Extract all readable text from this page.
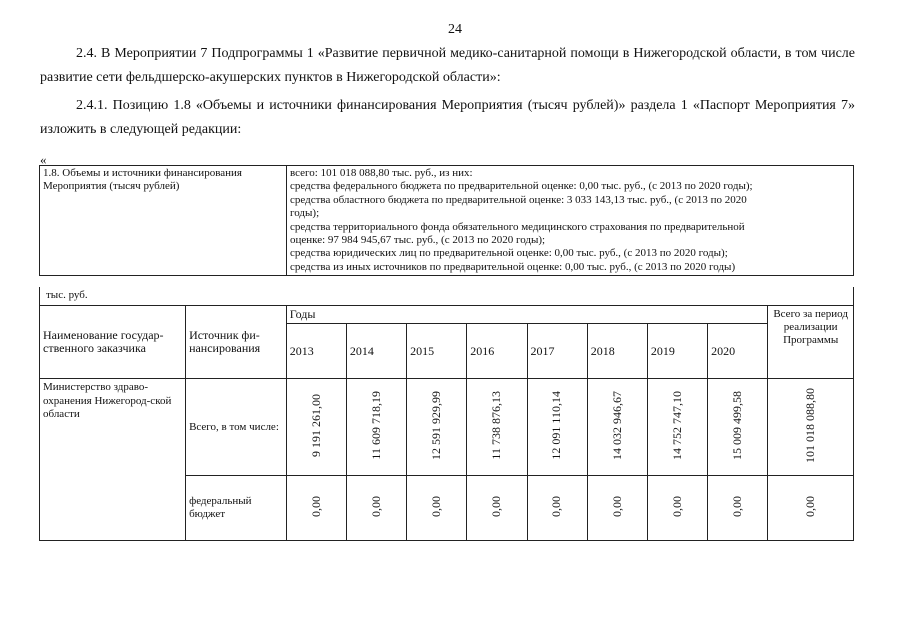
24

2.4. В Мероприятии 7 Подпрограммы 1 «Развитие первичной медико-санитарной помощи в Нижегородской области, в том числе развитие сети фельдшерско-акушерских пунктов в Нижегородской области»:

2.4.1. Позицию 1.8 «Объемы и источники финансирования Мероприятия (тысяч рублей)» раздела 1 «Паспорт Мероприятия 7» изложить в следующей редакции:

«
1.8. Объемы и источники финансирования Мероприятия (тысяч рублей)	
всего: 101 018 088,80 тыс. руб., из них:
средства федерального бюджета по предварительной оценке: 0,00 тыс. руб., (с 2013 по 2020 годы);
средства областного бюджета по предварительной оценке: 3 033 143,13 тыс. руб., (с 2013 по 2020
годы);
средства территориального фонда обязательного медицинского страхования по предварительной
оценке: 97 984 945,67 тыс. руб., (с 2013 по 2020 годы);
средства юридических лиц по предварительной оценке: 0,00 тыс. руб., (с 2013 по 2020 годы);
средства из иных источников по предварительной оценке: 0,00 тыс. руб., (с 2013 по 2020 годы)
тыс. руб.
Наименование государ-ственного заказчика	Источник фи-нансирования	Годы								Всего за период реализации Программы
		2013	2014	2015	2016	2017	2018	2019	2020	
Министерство здраво-охранения Нижегород-ской области	Всего, в том числе:	9 191 261,00	11 609 718,19	12 591 929,99	11 738 876,13	12 091 110,14	14 032 946,67	14 752 747,10	15 009 499,58	101 018 088,80
	федеральный бюджет	0,00	0,00	0,00	0,00	0,00	0,00	0,00	0,00	0,00
